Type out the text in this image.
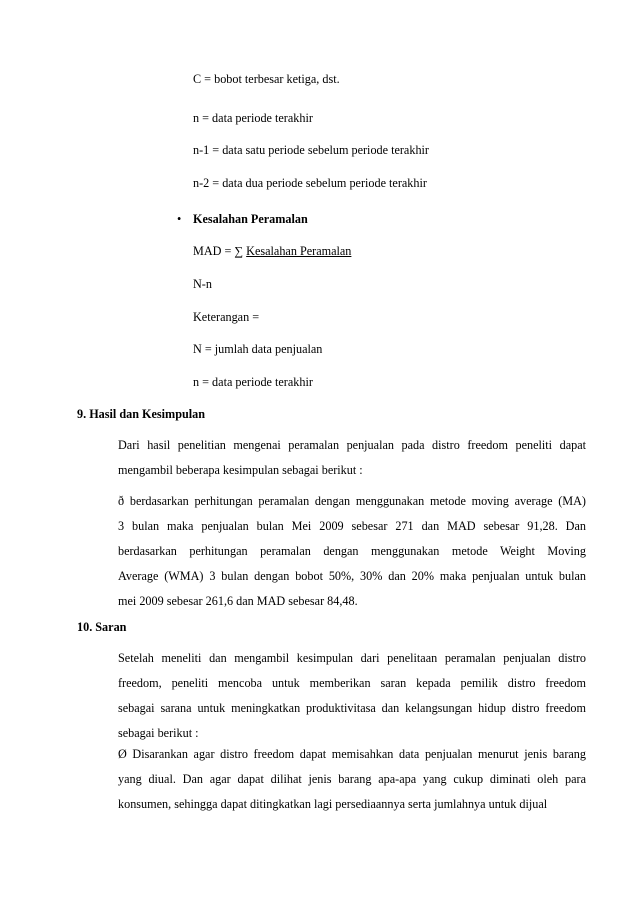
C = bobot terbesar ketiga, dst.
n = data periode terakhir
n-1 = data satu periode sebelum periode terakhir
n-2 = data dua periode sebelum periode terakhir
• Kesalahan Peramalan
MAD = ∑ Kesalahan Peramalan
N-n
Keterangan =
N = jumlah data penjualan
n = data periode terakhir
9. Hasil dan Kesimpulan
Dari hasil penelitian mengenai peramalan penjualan pada distro freedom peneliti dapat
mengambil beberapa kesimpulan sebagai berikut :
ð berdasarkan perhitungan peramalan dengan menggunakan metode moving average (MA)
3 bulan maka penjualan bulan Mei 2009 sebesar 271 dan MAD sebesar 91,28. Dan
berdasarkan perhitungan peramalan dengan menggunakan metode Weight Moving
Average (WMA) 3 bulan dengan bobot 50%, 30% dan 20% maka penjualan untuk bulan
mei 2009 sebesar 261,6 dan MAD sebesar 84,48.
10. Saran
Setelah meneliti dan mengambil kesimpulan dari penelitaan peramalan penjualan distro
freedom, peneliti mencoba untuk memberikan saran kepada pemilik distro freedom
sebagai sarana untuk meningkatkan produktivitasa dan kelangsungan hidup distro freedom
sebagai berikut :
Ø Disarankan agar distro freedom dapat memisahkan data penjualan menurut jenis barang
yang diual. Dan agar dapat dilihat jenis barang apa-apa yang cukup diminati oleh para
konsumen, sehingga dapat ditingkatkan lagi persediaannya serta jumlahnya untuk dijual
